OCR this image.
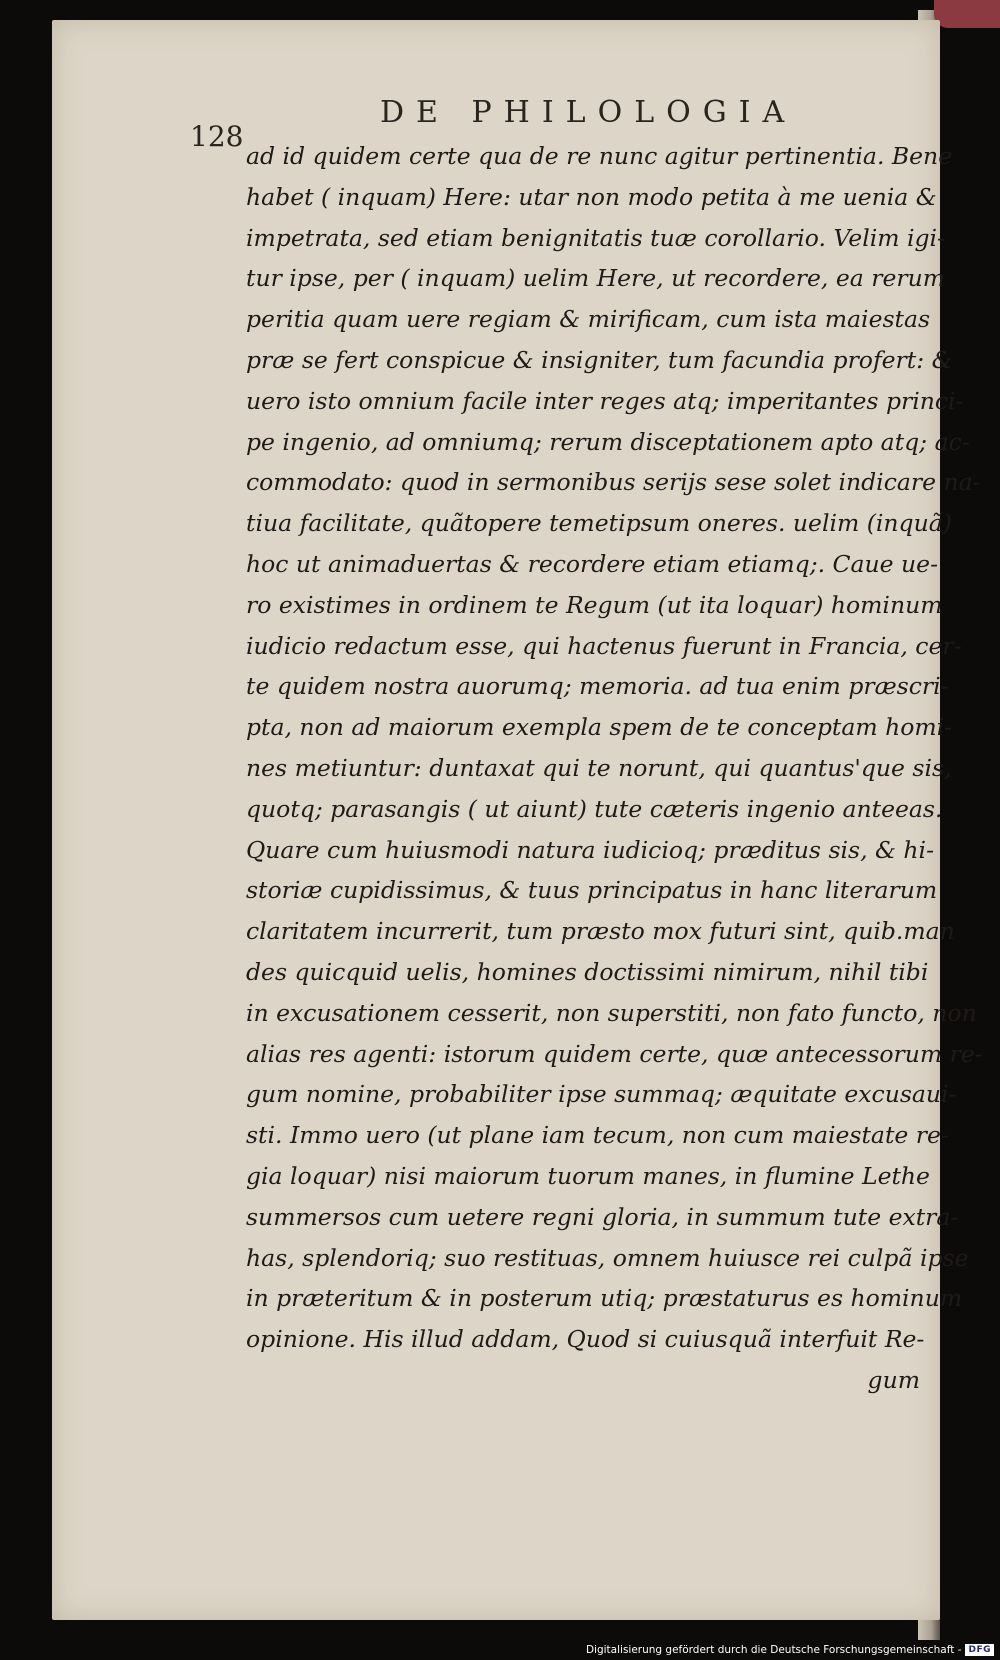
DE PHILOLOGIA
128
ad id quidem certe qua de re nunc agitur pertinentia. Bene
habet ( inquam) Here: utar non modo petita à me uenia &
impetrata, sed etiam benignitatis tuæ corollario. Velim igi-
tur ipse, per ( inquam) uelim Here, ut recordere, ea rerum
peritia quam uere regiam & mirificam, cum ista maiestas
præ se fert conspicue & insigniter, tum facundia profert: &
uero isto omnium facile inter reges atq; imperitantes princi-
pe ingenio, ad omniumq; rerum disceptationem apto atq; ac-
commodato: quod in sermonibus serijs sese solet indicare na-
tiua facilitate, quãtopere temetipsum oneres. uelim (inquã)
hoc ut animaduertas & recordere etiam etiamq;. Caue ue-
ro existimes in ordinem te Regum (ut ita loquar) hominum
iudicio redactum esse, qui hactenus fuerunt in Francia, cer-
te quidem nostra auorumq; memoria. ad tua enim præscri-
pta, non ad maiorum exempla spem de te conceptam homi-
nes metiuntur: duntaxat qui te norunt, qui quantus'que sis,
quotq; parasangis ( ut aiunt) tute cæteris ingenio anteeas.
Quare cum huiusmodi natura iudicioq; præditus sis, & hi-
storiæ cupidissimus, & tuus principatus in hanc literarum
claritatem incurrerit, tum præsto mox futuri sint, quib.man
des quicquid uelis, homines doctissimi nimirum, nihil tibi
in excusationem cesserit, non superstiti, non fato functo, non
alias res agenti: istorum quidem certe, quæ antecessorum re-
gum nomine, probabiliter ipse summaq; æquitate excusaui-
sti. Immo uero (ut plane iam tecum, non cum maiestate re-
gia loquar) nisi maiorum tuorum manes, in flumine Lethe
summersos cum uetere regni gloria, in summum tute extra-
has, splendoriq; suo restituas, omnem huiusce rei culpã ipse
in præteritum & in posterum utiq; præstaturus es hominum
opinione. His illud addam, Quod si cuiusquã interfuit Re-
gum
Digitalisierung gefördert durch die Deutsche Forschungsgemeinschaft - DFG
